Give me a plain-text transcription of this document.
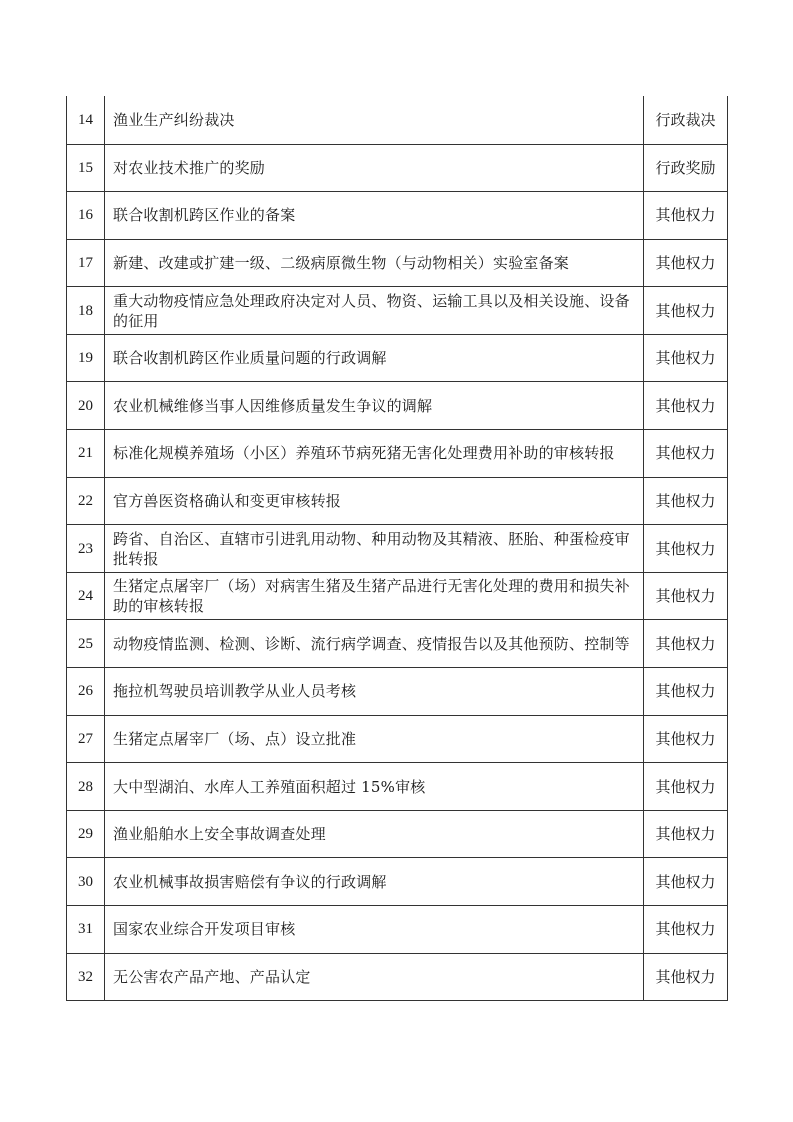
14	渔业生产纠纷裁决	行政裁决
15	对农业技术推广的奖励	行政奖励
16	联合收割机跨区作业的备案	其他权力
17	新建、改建或扩建一级、二级病原微生物（与动物相关）实验室备案	其他权力
18	重大动物疫情应急处理政府决定对人员、物资、运输工具以及相关设施、设备的征用	其他权力
19	联合收割机跨区作业质量问题的行政调解	其他权力
20	农业机械维修当事人因维修质量发生争议的调解	其他权力
21	标准化规模养殖场（小区）养殖环节病死猪无害化处理费用补助的审核转报	其他权力
22	官方兽医资格确认和变更审核转报	其他权力
23	跨省、自治区、直辖市引进乳用动物、种用动物及其精液、胚胎、种蛋检疫审批转报	其他权力
24	生猪定点屠宰厂（场）对病害生猪及生猪产品进行无害化处理的费用和损失补助的审核转报	其他权力
25	动物疫情监测、检测、诊断、流行病学调查、疫情报告以及其他预防、控制等	其他权力
26	拖拉机驾驶员培训教学从业人员考核	其他权力
27	生猪定点屠宰厂（场、点）设立批准	其他权力
28	大中型湖泊、水库人工养殖面积超过 15%审核	其他权力
29	渔业船舶水上安全事故调查处理	其他权力
30	农业机械事故损害赔偿有争议的行政调解	其他权力
31	国家农业综合开发项目审核	其他权力
32	无公害农产品产地、产品认定	其他权力
